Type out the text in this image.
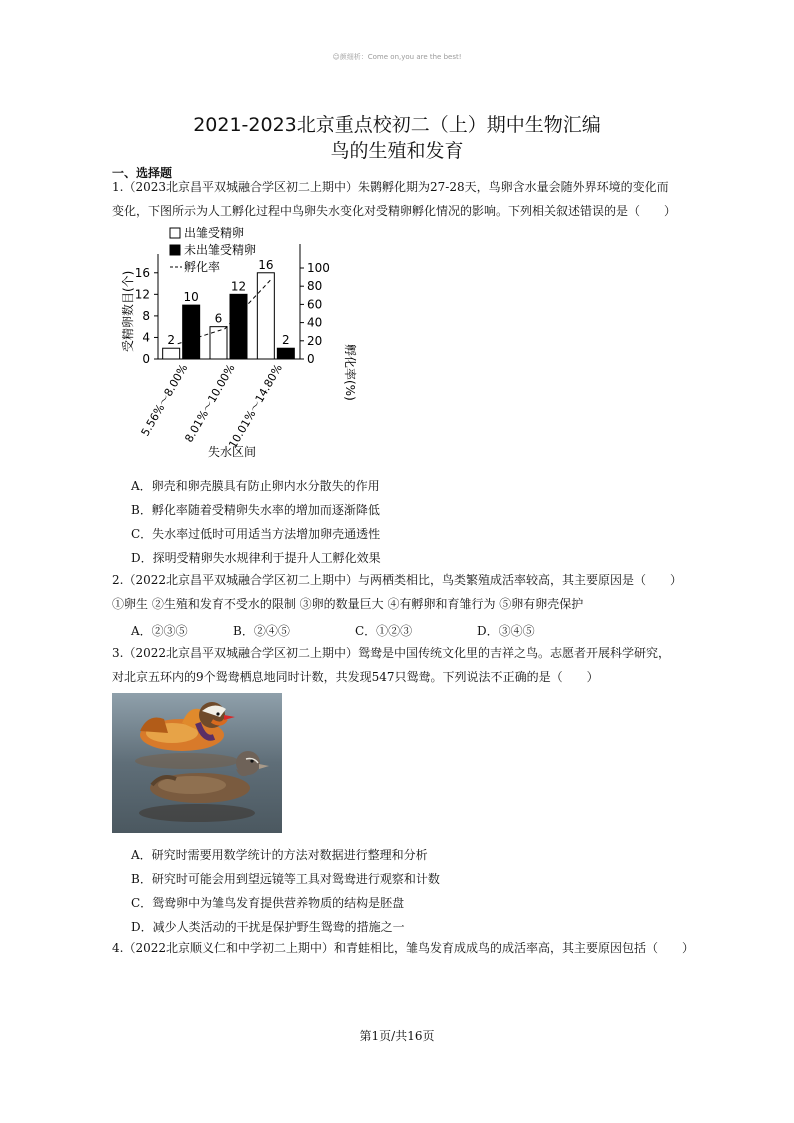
☺颜细析：Come on,you are the best!
2021-2023北京重点校初二（上）期中生物汇编
鸟的生殖和发育
一、选择题
1.（2023北京昌平双城融合学区初二上期中）朱鹮孵化期为27-28天，鸟卵含水量会随外界环境的变化而
变化，下图所示为人工孵化过程中鸟卵失水变化对受精卵孵化情况的影响。下列相关叙述错误的是（　　）
出雏受精卵
未出雏受精卵
孵化率
受精卵数目(个)
孵化率(%)
失水区间
0
4
8
12
16
0
20
40
60
80
100
2
10
5.56%～8.00%
6
12
8.01%～10.00%
16
2
10.01%～14.80%
A．卵壳和卵壳膜具有防止卵内水分散失的作用
B．孵化率随着受精卵失水率的增加而逐渐降低
C．失水率过低时可用适当方法增加卵壳通透性
D．探明受精卵失水规律利于提升人工孵化效果
2.（2022北京昌平双城融合学区初二上期中）与两栖类相比，鸟类繁殖成活率较高，其主要原因是（　　）
①卵生 ②生殖和发育不受水的限制 ③卵的数量巨大 ④有孵卵和育雏行为 ⑤卵有卵壳保护
A．②③⑤	B．②④⑤	C．①②③	D．③④⑤
3.（2022北京昌平双城融合学区初二上期中）鸳鸯是中国传统文化里的吉祥之鸟。志愿者开展科学研究，
对北京五环内的9个鸳鸯栖息地同时计数，共发现547只鸳鸯。下列说法不 ·正 ·确的是（　　）
A．研究时需要用数学统计的方法对数据进行整理和分析
B．研究时可能会用到望远镜等工具对鸳鸯进行观察和计数
C．鸳鸯卵中为雏鸟发育提供营养物质的结构是胚盘
D．减少人类活动的干扰是保护野生鸳鸯的措施之一
4.（2022北京顺义仁和中学初二上期中）和青蛙相比，雏鸟发育成成鸟的成活率高，其主要原因包括（　　）
第1页/共16页
